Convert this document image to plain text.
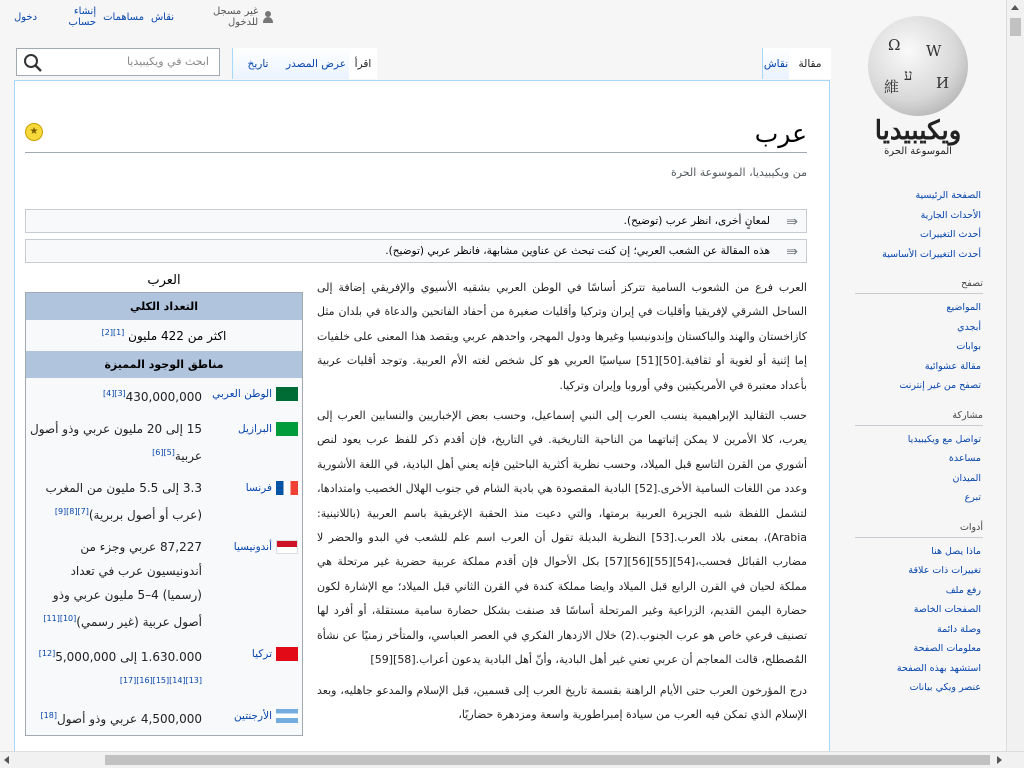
غير مسجل للدخول
نقاش
مساهمات
إنشاء حساب
دخول
Ω W
ע И
維
ويكيبيديا
الموسوعة الحرة
الصفحة الرئيسية
الأحداث الجارية
أحدث التغييرات
أحدث التغييرات الأساسية
تصفح
المواضيع
أبجدي
بوابات
مقالة عشوائية
تصفح من غير إنترنت
مشاركة
تواصل مع ويكيبيديا
مساعدة
الميدان
تبرع
أدوات
ماذا يصل هنا
تغييرات ذات علاقة
رفع ملف
الصفحات الخاصة
وصلة دائمة
معلومات الصفحة
استشهد بهذه الصفحة
عنصر ويكي بيانات
مقالة
نقاش
اقرأ
عرض المصدر
تاريخ
ابحث في ويكيبيديا
عرب
★
من ويكيبيديا، الموسوعة الحرة
⇛
لمعانٍ أخرى، انظر عرب (توضيح).
⇛
هذه المقالة عن الشعب العربي؛ إن كنت تبحث عن عناوين مشابهة، فانظر عربي (توضيح).
العرب
التعداد الكلي
اكثر من 422 مليون [1][2]
مناطق الوجود المميزة
الوطن العربي
430,000,000[3][4]
البرازيل
15 إلى 20 مليون عربي وذو أصول عربية[5][6]
فرنسا
3.3 إلى 5.5 مليون من المغرب (عرب أو أصول بربرية)[7][8][9]
أندونيسيا
87,227 عربي وجزء من أندونيسيون عرب في تعداد (رسميا) 4–5 مليون عربي وذو أصول عربية (غير رسمي)[10][11]
تركيا
1.630.000 إلى 5,000,000[12][13][14][15][16][17]
الأرجنتين
4,500,000 عربي وذو أصول[18]

العرب فرع من الشعوب السامية تتركز أساسًا في الوطن العربي بشقيه الأسيوي والإفريقي إضافة إلى الساحل الشرقي لإفريقيا وأقليات في إيران وتركيا وأقليات صغيرة من أحفاد الفاتحين والدعاة في بلدان مثل كازاخستان والهند والباكستان وإندونيسيا وغيرها ودول المهجر، واحدهم عربي ويقصد هذا المعنى على خلفيات إما إثنية أو لغوية أو ثقافية.[50][51] سياسيًا العربي هو كل شخص لغته الأم العربية. وتوجد أقليات عربية بأعداد معتبرة في الأمريكيتين وفي أوروبا وإيران وتركيا.

حسب التقاليد الإبراهيمية ينسب العرب إلى النبي إسماعيل، وحسب بعض الإخباريين والنسابين العرب إلى يعرب، كلا الأمرين لا يمكن إثباتهما من الناحية التاريخية. في التاريخ، فإن أقدم ذكر للفظ عرب يعود لنص أشوري من القرن التاسع قبل الميلاد، وحسب نظرية أكثرية الباحثين فإنه يعني أهل البادية، في اللغة الأشورية وعدد من اللغات السامية الأخرى.[52] البادية المقصودة هي بادية الشام في جنوب الهلال الخصيب وامتدادها، لتشمل اللفظة شبه الجزيرة العربية برمتها، والتي دعيت منذ الحقبة الإغريقية باسم العربية (باللاتينية: Arabia)، بمعنى بلاد العرب.[53] النظرية البديلة تقول أن العرب اسم علم للشعب في البدو والحضر لا مضارب القبائل فحسب،[54][55][56][57] بكل الأحوال فإن أقدم مملكة عربية حضرية غير مرتحلة هي مملكة لحيان في القرن الرابع قبل الميلاد وايضا مملكة كندة في القرن الثاني قبل الميلاد؛ مع الإشارة لكون حضارة اليمن القديم، الزراعية وغير المرتحلة أساسًا قد صنفت بشكل حضارة سامية مستقلة، أو أفرد لها تصنيف فرعي خاص هو عرب الجنوب.(2) خلال الازدهار الفكري في العصر العباسي، والمتأخر زمنيًا عن نشأة المُصطلح، قالت المعاجم أن عربي تعني غير أهل البادية، وأنّ أهل البادية يدعون أعراب.[58][59]

درج المؤرخون العرب حتى الأيام الراهنة بقسمة تاريخ العرب إلى قسمين، قبل الإسلام والمدعو جاهليه، وبعد الإسلام الذي تمكن فيه العرب من سيادة إمبراطورية واسعة ومزدهرة حضاريًا،
